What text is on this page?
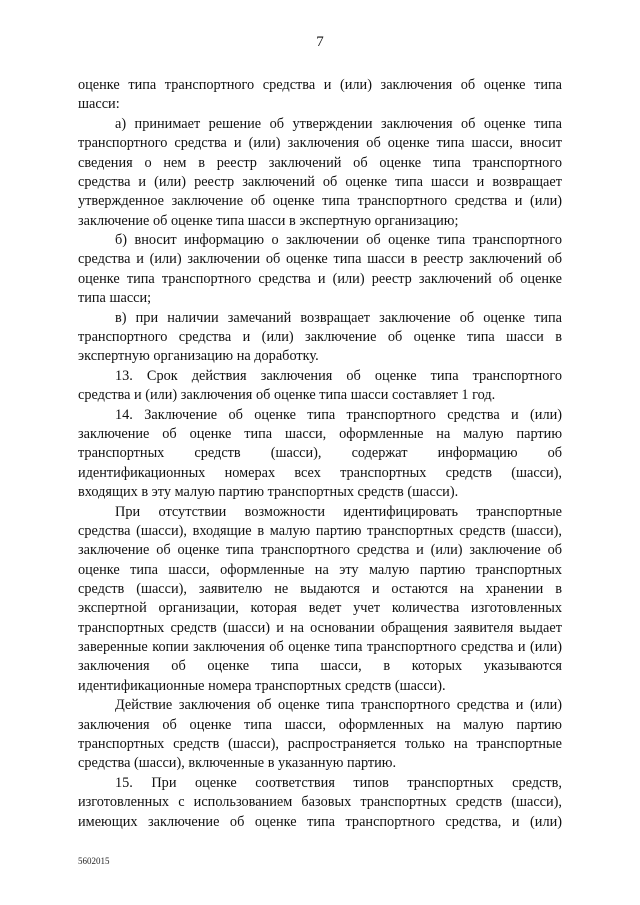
7

оценке типа транспортного средства и (или) заключения об оценке типа
шасси:

а) принимает решение об утверждении заключения об оценке типа
транспортного средства и (или) заключения об оценке типа шасси, вносит
сведения о нем в реестр заключений об оценке типа транспортного
средства и (или) реестр заключений об оценке типа шасси и возвращает
утвержденное заключение об оценке типа транспортного средства и (или)
заключение об оценке типа шасси в экспертную организацию;

б) вносит информацию о заключении об оценке типа транспортного
средства и (или) заключении об оценке типа шасси в реестр заключений об
оценке типа транспортного средства и (или) реестр заключений об оценке
типа шасси;

в) при наличии замечаний возвращает заключение об оценке типа
транспортного средства и (или) заключение об оценке типа шасси в
экспертную организацию на доработку.

13. Срок действия заключения об оценке типа транспортного
средства и (или) заключения об оценке типа шасси составляет 1 год.

14. Заключение об оценке типа транспортного средства и (или)
заключение об оценке типа шасси, оформленные на малую партию
транспортных средств (шасси), содержат информацию об
идентификационных номерах всех транспортных средств (шасси),
входящих в эту малую партию транспортных средств (шасси).

При отсутствии возможности идентифицировать транспортные
средства (шасси), входящие в малую партию транспортных средств (шасси),
заключение об оценке типа транспортного средства и (или) заключение об
оценке типа шасси, оформленные на эту малую партию транспортных
средств (шасси), заявителю не выдаются и остаются на хранении в
экспертной организации, которая ведет учет количества изготовленных
транспортных средств (шасси) и на основании обращения заявителя выдает
заверенные копии заключения об оценке типа транспортного средства и (или)
заключения об оценке типа шасси, в которых указываются
идентификационные номера транспортных средств (шасси).

Действие заключения об оценке типа транспортного средства и (или)
заключения об оценке типа шасси, оформленных на малую партию
транспортных средств (шасси), распространяется только на транспортные
средства (шасси), включенные в указанную партию.

15. При оценке соответствия типов транспортных средств,
изготовленных с использованием базовых транспортных средств (шасси),
имеющих заключение об оценке типа транспортного средства, и (или)

5602015
